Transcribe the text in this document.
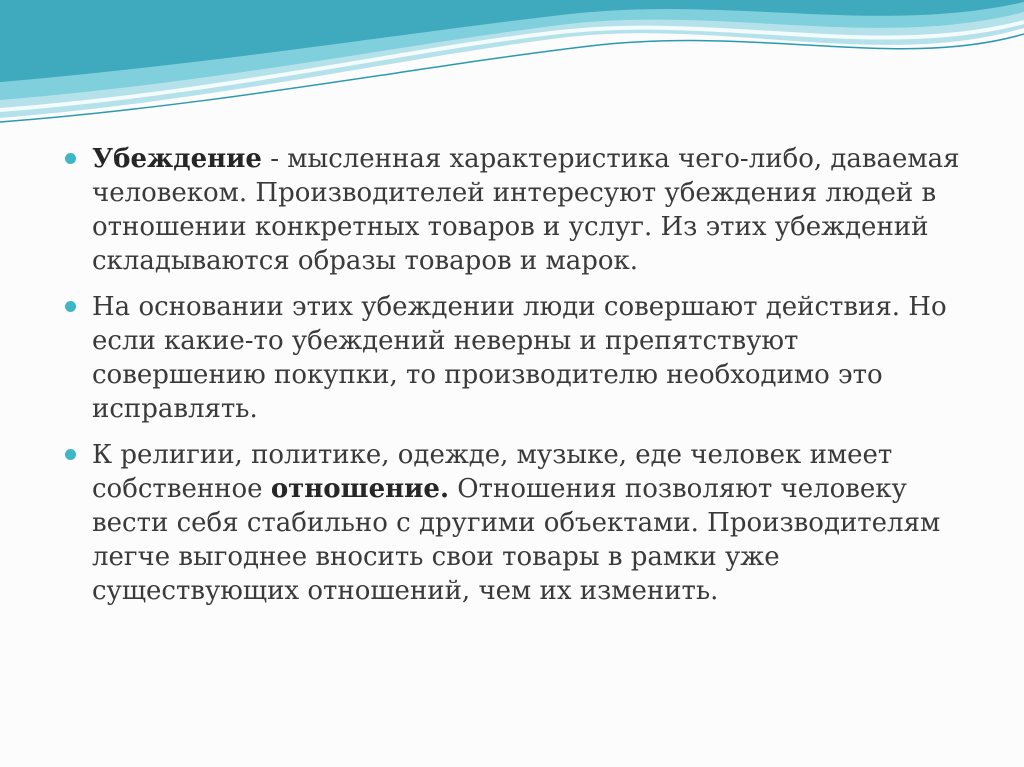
Убеждение - мысленная характеристика чего-либо, даваемая человеком. Производителей интересуют убеждения людей в отношении конкретных товаров и услуг. Из этих убеждений складываются образы товаров и марок.
На основании этих убеждении люди совершают действия. Но если какие-то убеждений неверны и препятствуют совершению покупки, то производителю необходимо это исправлять.
К религии, политике, одежде, музыке, еде человек имеет собственное отношение. Отношения позволяют человеку вести себя стабильно с другими объектами. Производителям легче выгоднее вносить свои товары в рамки уже существующих отношений, чем их изменить.
